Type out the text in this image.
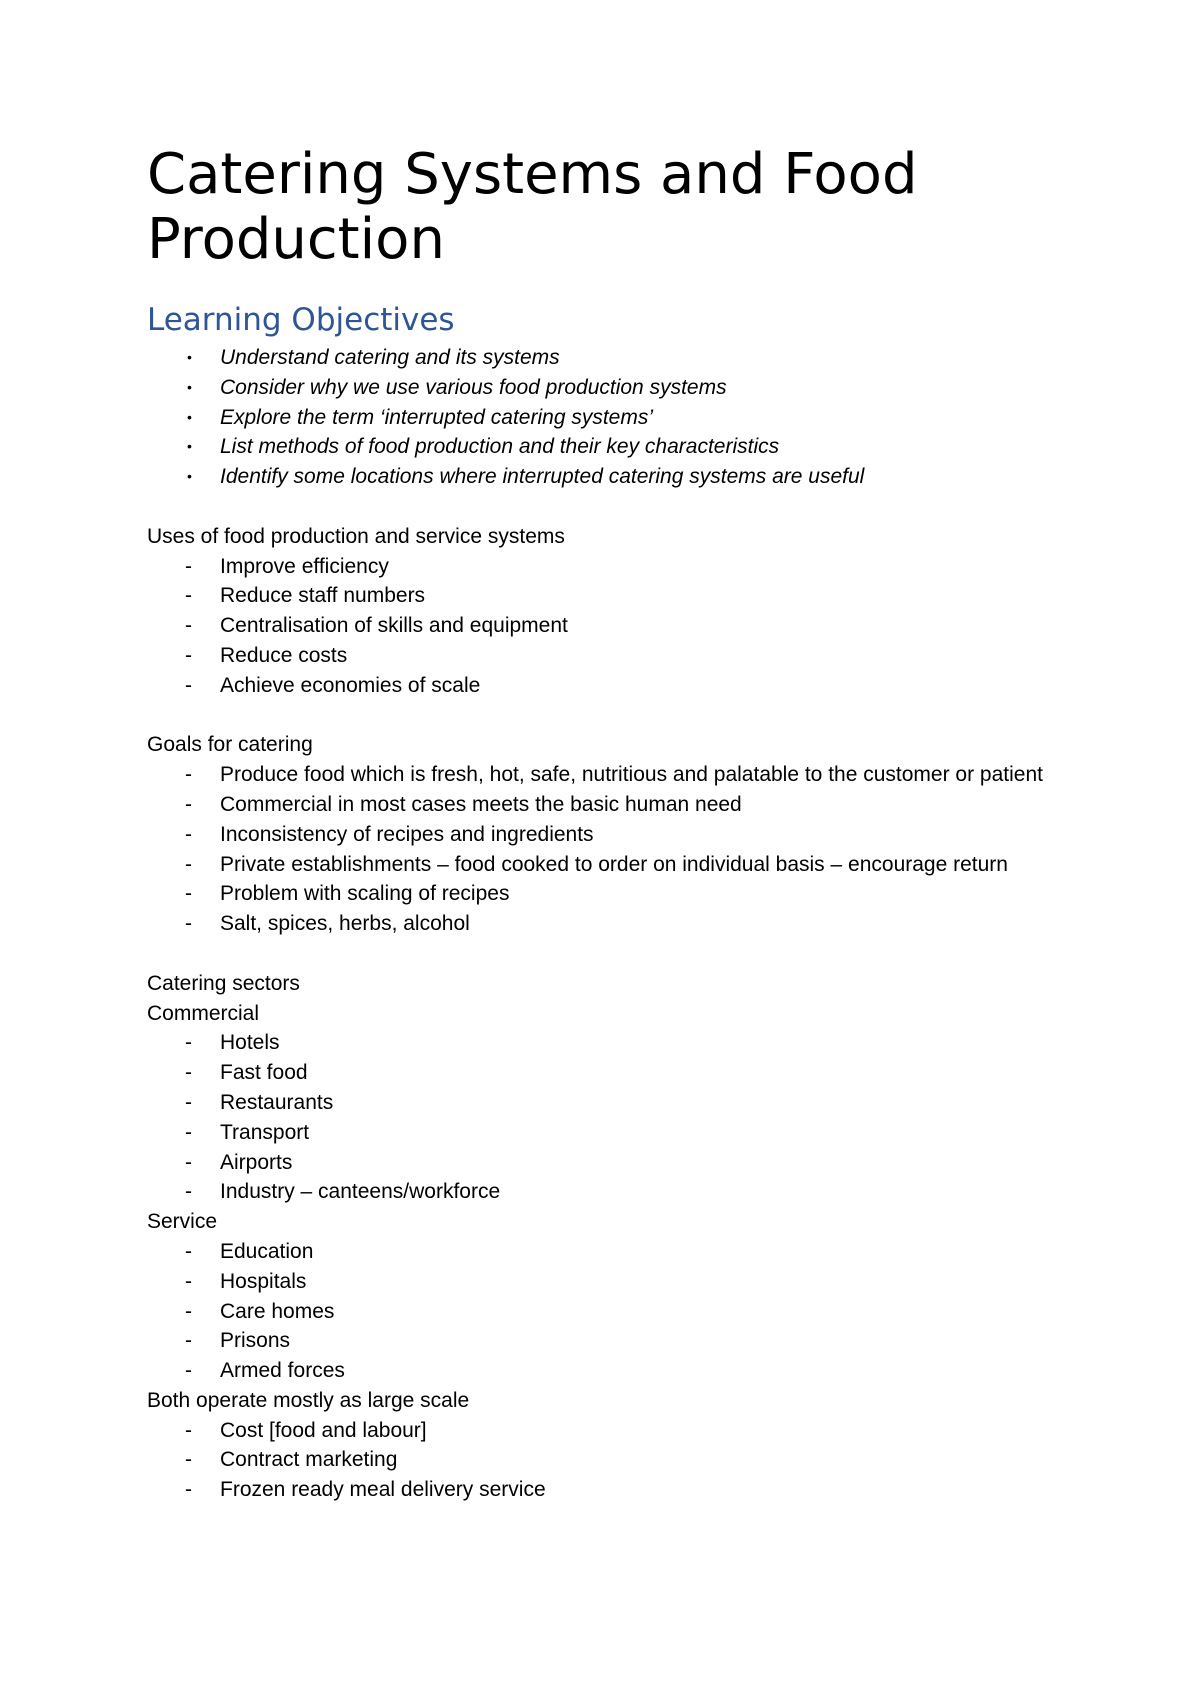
Catering Systems and Food Production
Learning Objectives
• Understand catering and its systems
• Consider why we use various food production systems
• Explore the term ‘interrupted catering systems’
• List methods of food production and their key characteristics
• Identify some locations where interrupted catering systems are useful

Uses of food production and service systems

- Improve efficiency
- Reduce staff numbers
- Centralisation of skills and equipment
- Reduce costs
- Achieve economies of scale

Goals for catering

- Produce food which is fresh, hot, safe, nutritious and palatable to the customer or patient
- Commercial in most cases meets the basic human need
- Inconsistency of recipes and ingredients
- Private establishments – food cooked to order on individual basis – encourage return
- Problem with scaling of recipes
- Salt, spices, herbs, alcohol

Catering sectors

Commercial

- Hotels
- Fast food
- Restaurants
- Transport
- Airports
- Industry – canteens/workforce

Service

- Education
- Hospitals
- Care homes
- Prisons
- Armed forces

Both operate mostly as large scale

- Cost [food and labour]
- Contract marketing
- Frozen ready meal delivery service
